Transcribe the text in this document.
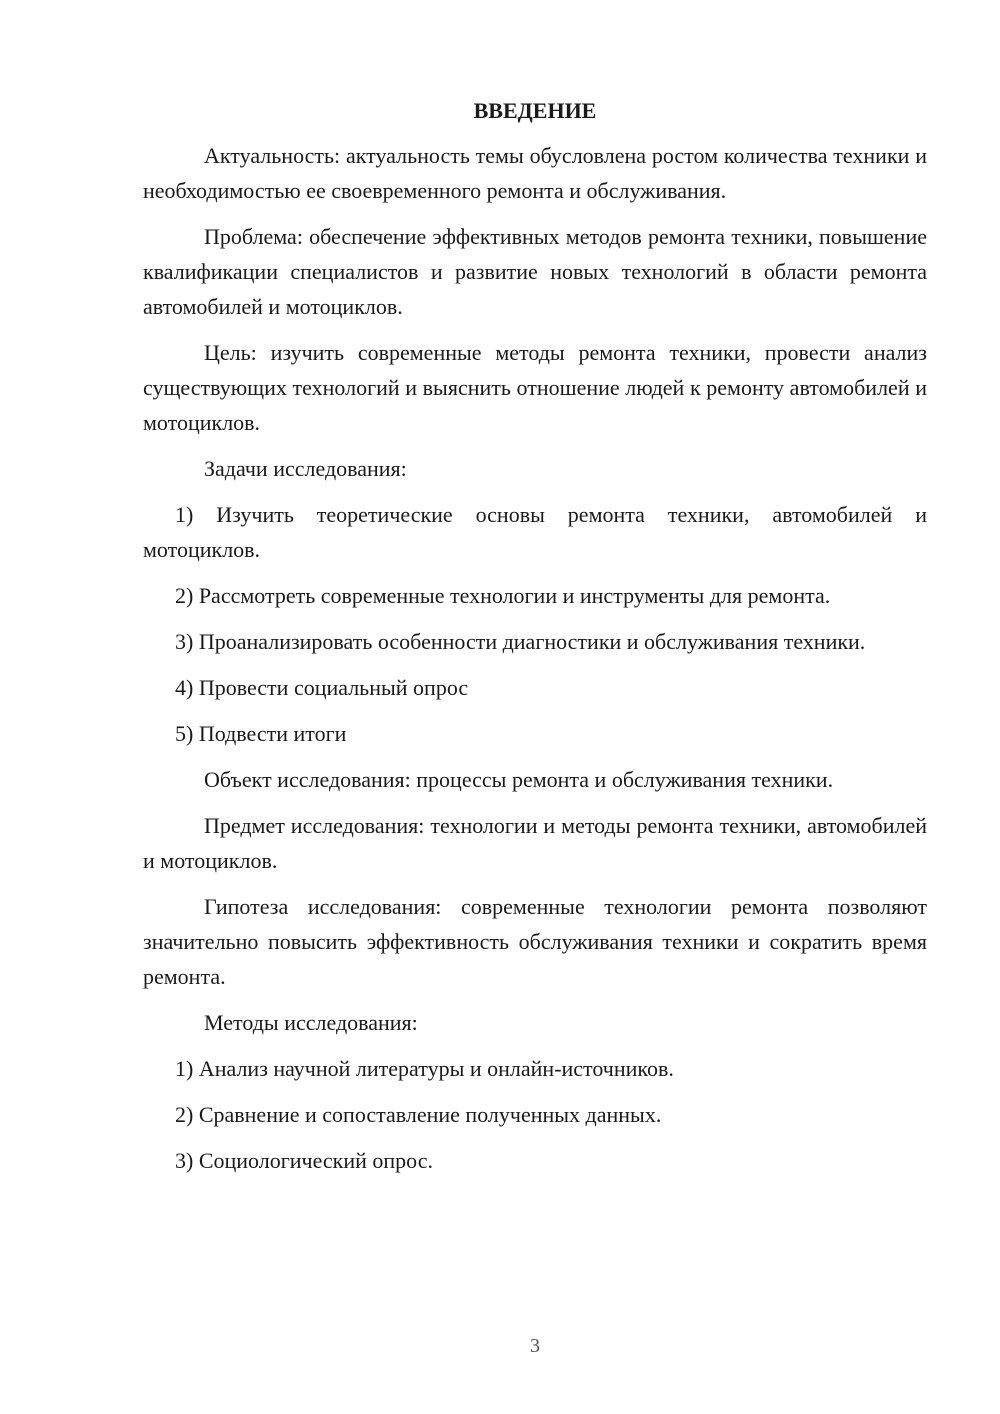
ВВЕДЕНИЕ

Актуальность: актуальность темы обусловлена ростом количества техники и необходимостью ее своевременного ремонта и обслуживания.

Проблема: обеспечение эффективных методов ремонта техники, повышение квалификации специалистов и развитие новых технологий в области ремонта автомобилей и мотоциклов.

Цель: изучить современные методы ремонта техники, провести анализ существующих технологий и выяснить отношение людей к ремонту автомобилей и мотоциклов.

Задачи исследования:

1) Изучить теоретические основы ремонта техники, автомобилей и мотоциклов.

2) Рассмотреть современные технологии и инструменты для ремонта.

3) Проанализировать особенности диагностики и обслуживания техники.

4) Провести социальный опрос

5) Подвести итоги

Объект исследования: процессы ремонта и обслуживания техники.

Предмет исследования: технологии и методы ремонта техники, автомобилей и мотоциклов.

Гипотеза исследования: современные технологии ремонта позволяют значительно повысить эффективность обслуживания техники и сократить время ремонта.

Методы исследования:

1) Анализ научной литературы и онлайн-источников.

2) Сравнение и сопоставление полученных данных.

3) Социологический опрос.

3
